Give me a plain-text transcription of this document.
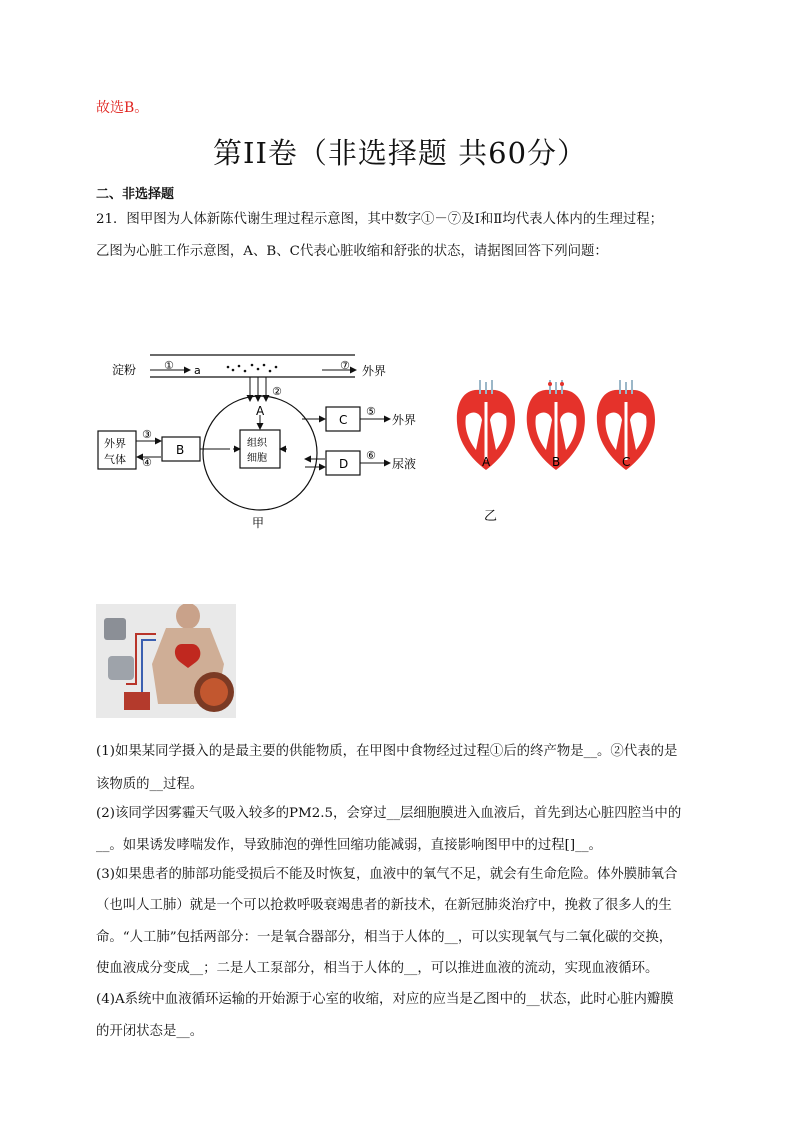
故选B。
第II卷（非选择题 共60分）
二、非选择题
21．图甲图为人体新陈代谢生理过程示意图，其中数字①－⑦及Ⅰ和Ⅱ均代表人体内的生理过程；
乙图为心脏工作示意图，A、B、C代表心脏收缩和舒张的状态，请据图回答下列问题：
淀粉	① a	⑦ 外界
②
A
组织
细胞
C
⑤
外界
D
⑥
尿液
B
③
④
外界
气体
甲
A	B	C
乙
(1)如果某同学摄入的是最主要的供能物质，在甲图中食物经过过程①后的终产物是__。②代表的是
该物质的__过程。
(2)该同学因雾霾天气吸入较多的PM2.5，会穿过__层细胞膜进入血液后，首先到达心脏四腔当中的
__。如果诱发哮喘发作，导致肺泡的弹性回缩功能减弱，直接影响图甲中的过程[]__。
(3)如果患者的肺部功能受损后不能及时恢复，血液中的氧气不足，就会有生命危险。体外膜肺氧合
（也叫人工肺）就是一个可以抢救呼吸衰竭患者的新技术，在新冠肺炎治疗中，挽救了很多人的生
命。“人工肺”包括两部分：一是氧合器部分，相当于人体的__，可以实现氧气与二氧化碳的交换，
使血液成分变成__；二是人工泵部分，相当于人体的__，可以推进血液的流动，实现血液循环。
(4)A系统中血液循环运输的开始源于心室的收缩，对应的应当是乙图中的__状态，此时心脏内瓣膜
的开闭状态是__。
